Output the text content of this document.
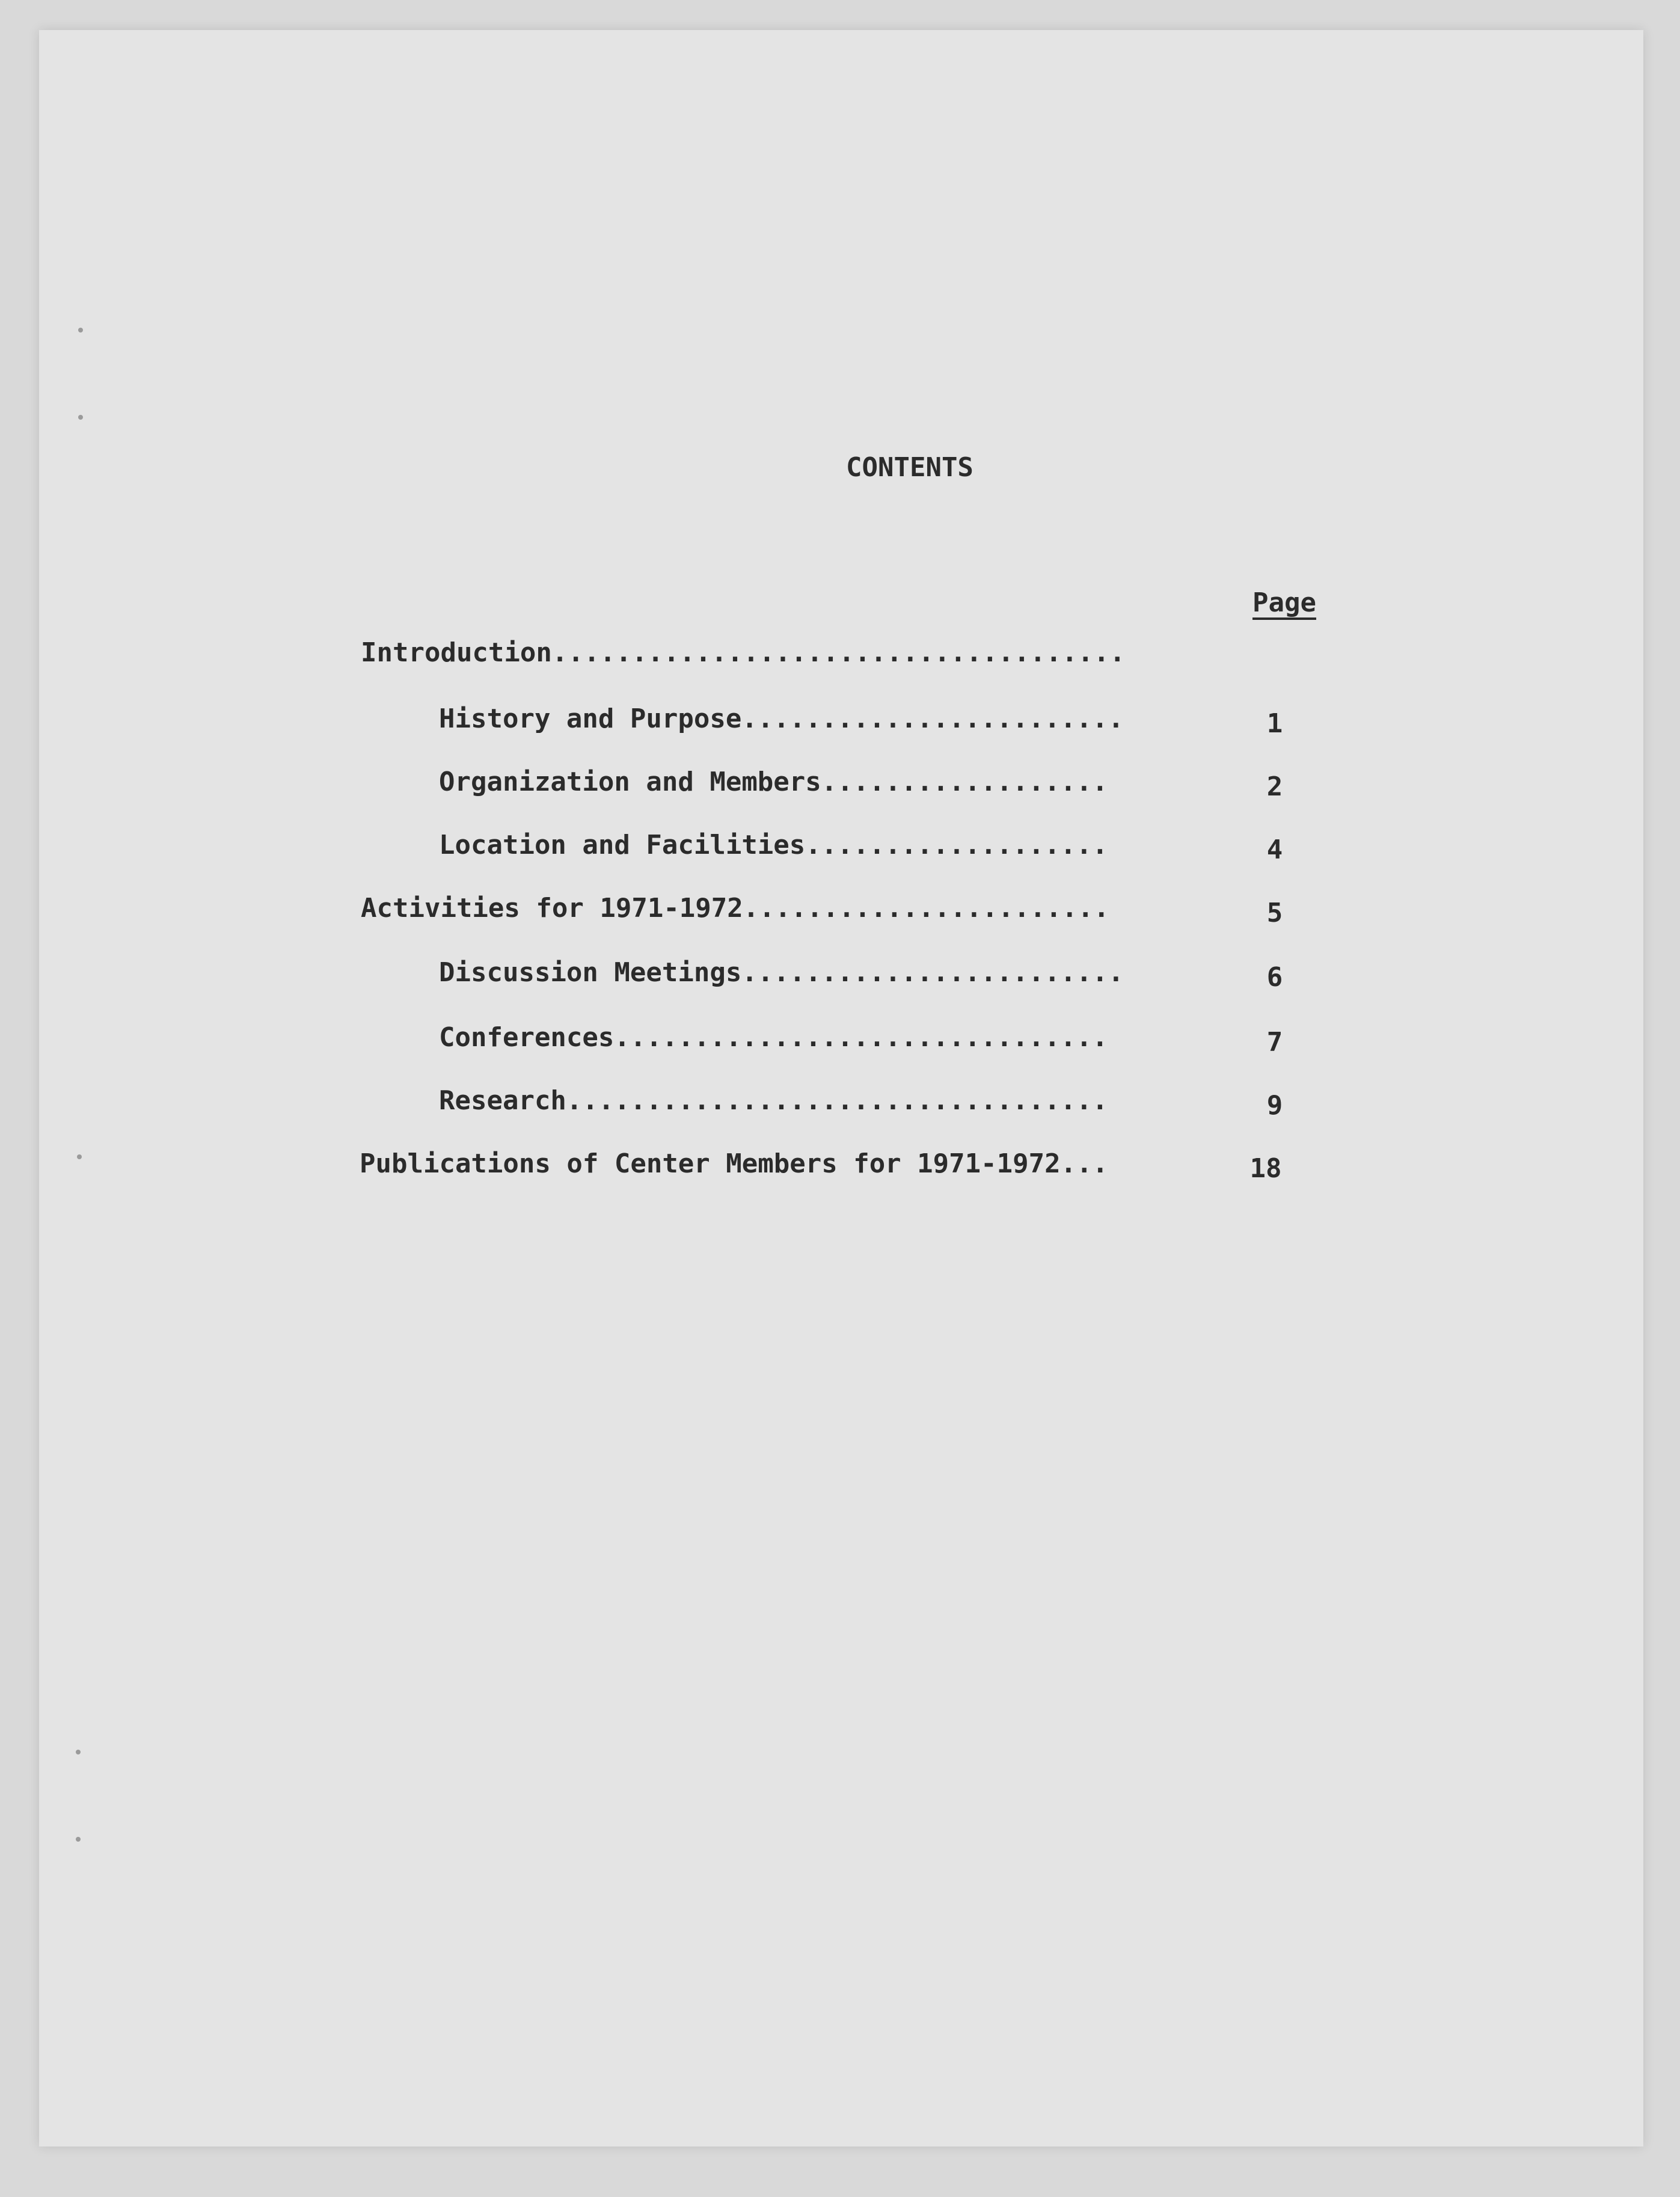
CONTENTS
Page
Introduction....................................
History and Purpose........................	1
Organization and Members..................	2
Location and Facilities...................	4
Activities for 1971-1972.......................	5
Discussion Meetings........................	6
Conferences...............................	7
Research..................................	9
Publications of Center Members for 1971-1972...	18
